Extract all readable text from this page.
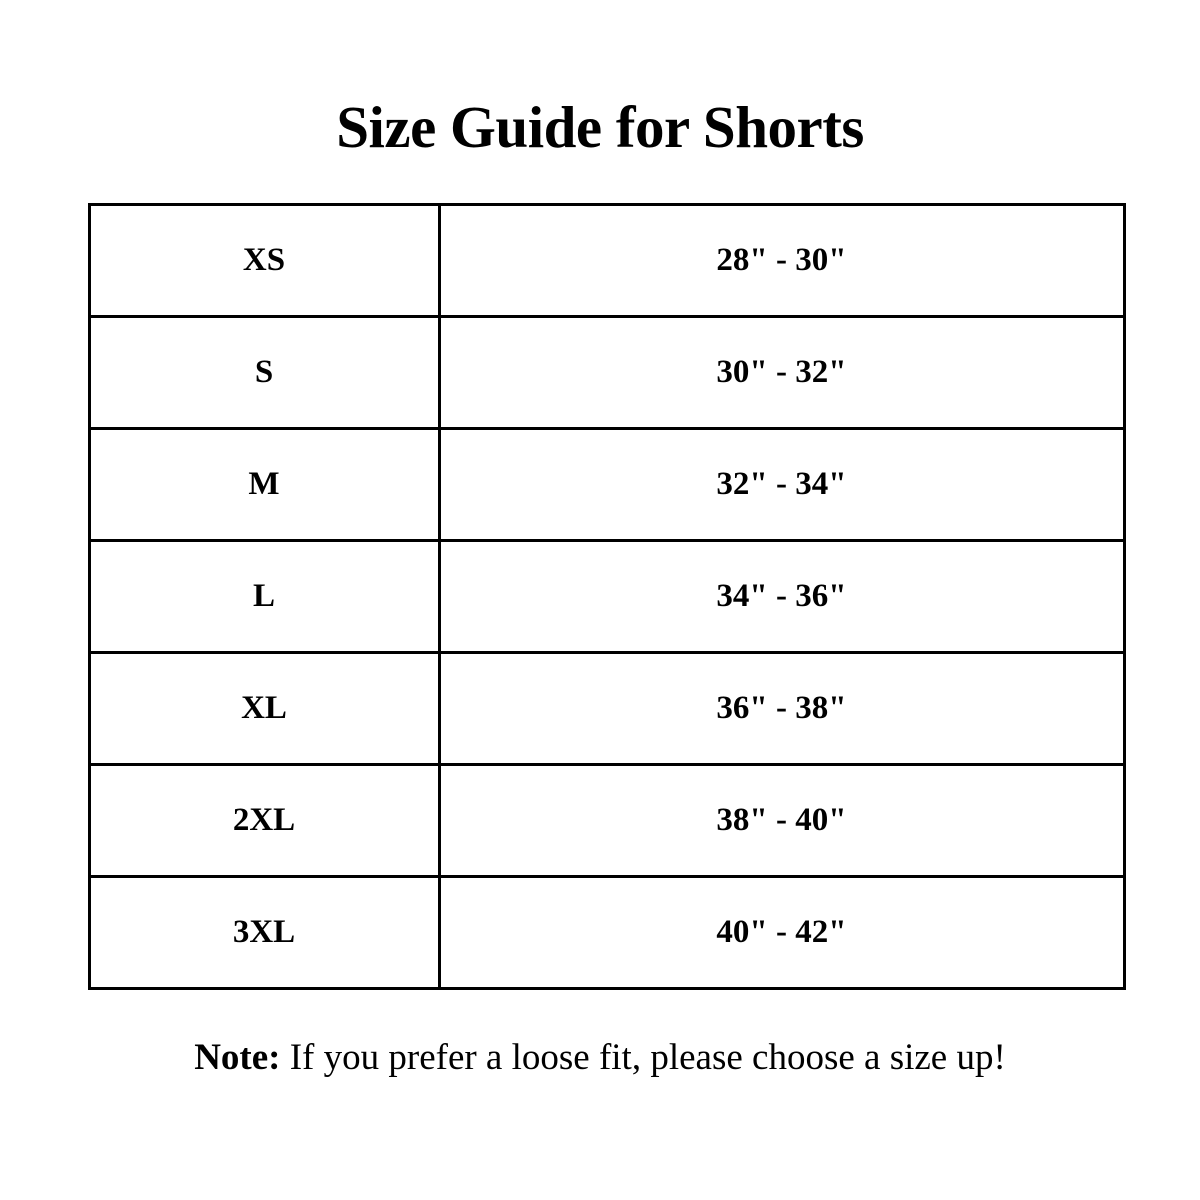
Size Guide for Shorts
XS	28" - 30"
S	30" - 32"
M	32" - 34"
L	34" - 36"
XL	36" - 38"
2XL	38" - 40"
3XL	40" - 42"

Note: If you prefer a loose fit, please choose a size up!
